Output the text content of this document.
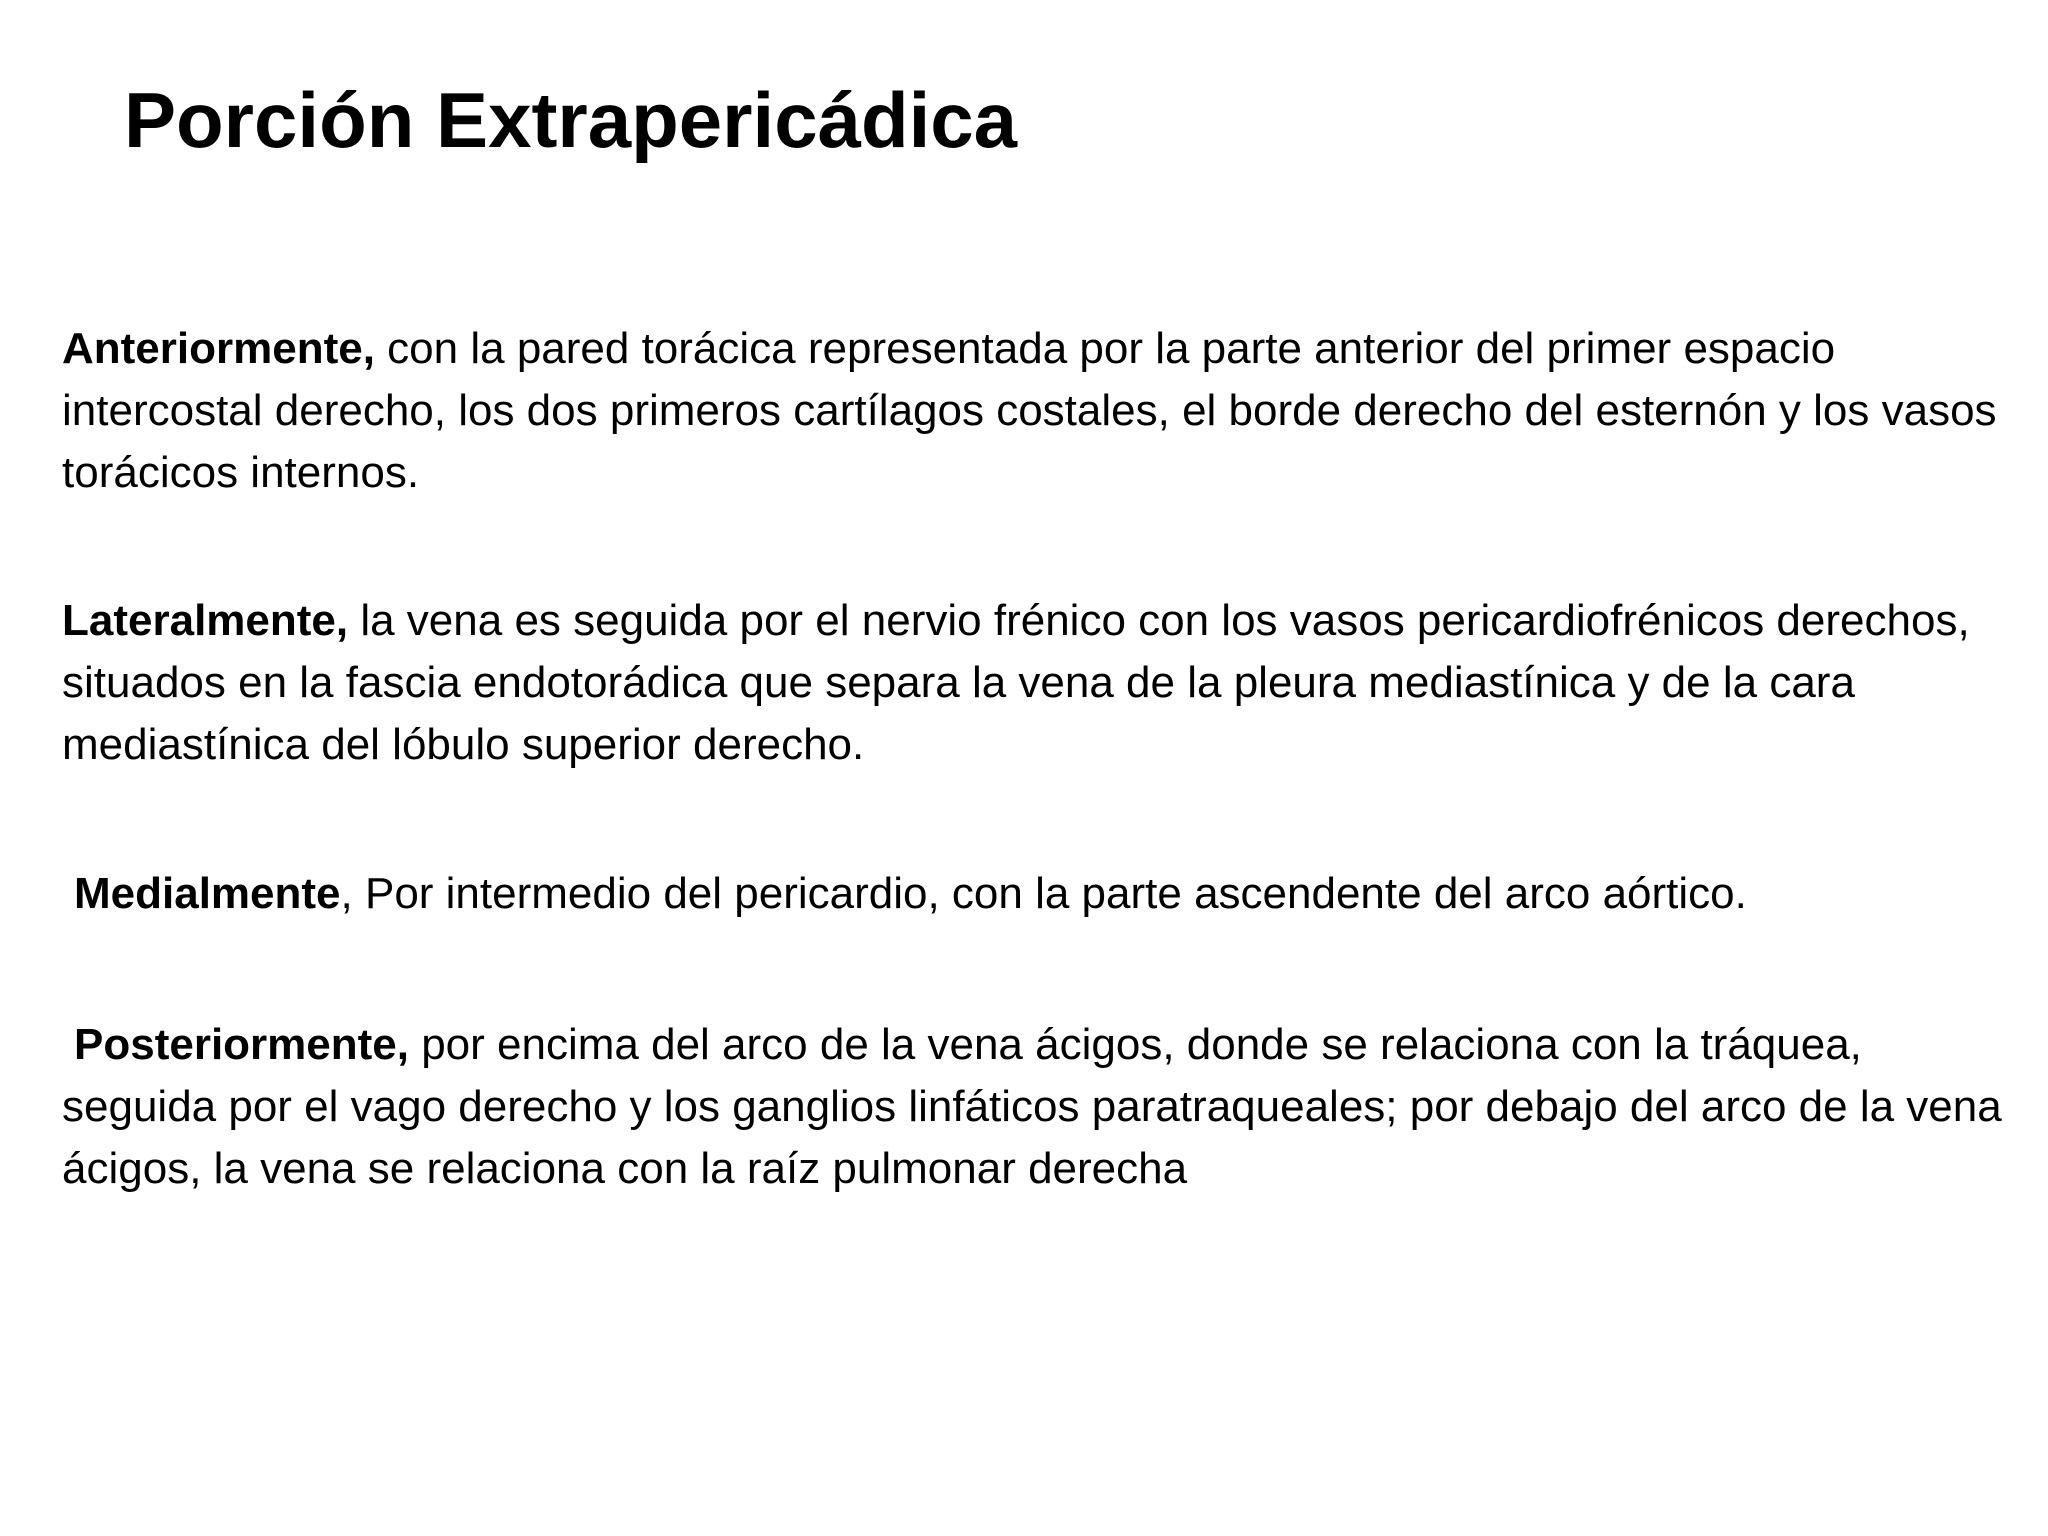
Porción Extrapericádica

Anteriormente, con la pared torácica representada por la parte anterior del primer espacio intercostal derecho, los dos primeros cartílagos costales, el borde derecho del esternón y los vasos torácicos internos.

Lateralmente, la vena es seguida por el nervio frénico con los vasos pericardiofrénicos derechos, situados en la fascia endotorádica que separa la vena de la pleura mediastínica y de la cara mediastínica del lóbulo superior derecho.

Medialmente, Por intermedio del pericardio, con la parte ascendente del arco aórtico.

Posteriormente, por encima del arco de la vena ácigos, donde se relaciona con la tráquea, seguida por el vago derecho y los ganglios linfáticos paratraqueales; por debajo del arco de la vena ácigos, la vena se relaciona con la raíz pulmonar derecha
